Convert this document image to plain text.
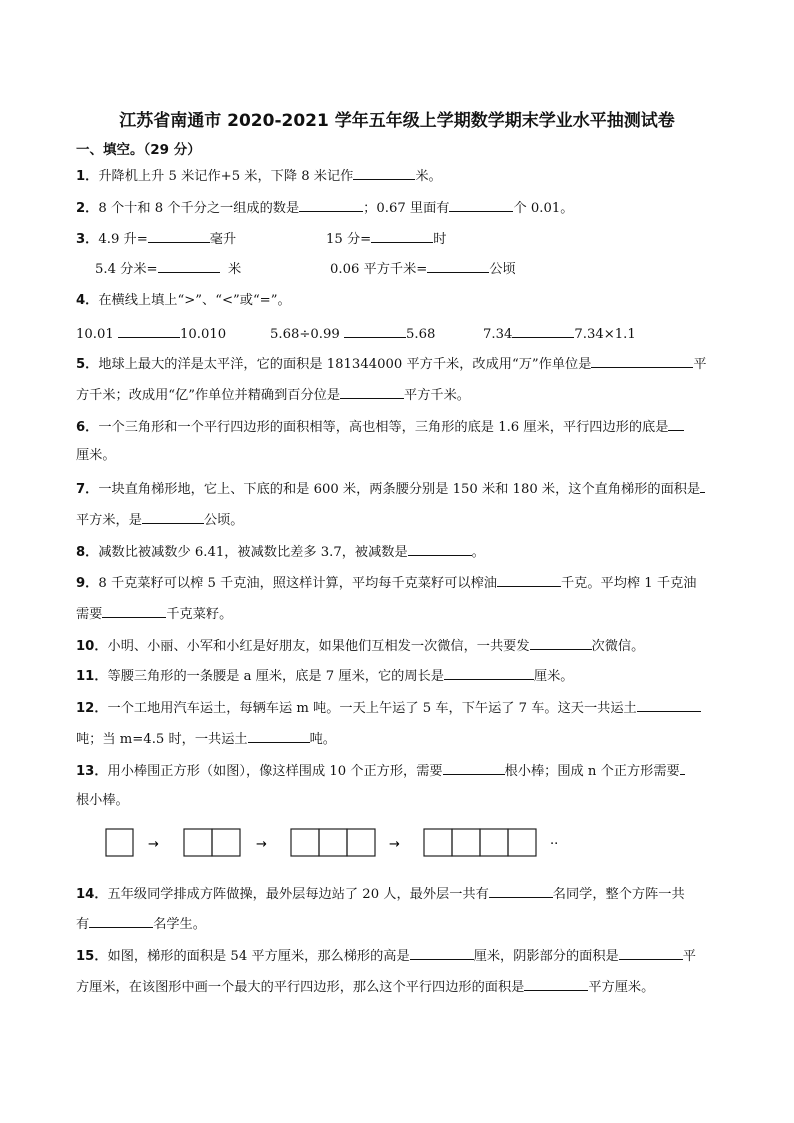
江苏省南通市 2020-2021 学年五年级上学期数学期末学业水平抽测试卷
一、填空。（29 分）
1．升降机上升 5 米记作+5 米，下降 8 米记作	米。
2．8 个十和 8 个千分之一组成的数是	；0.67 里面有	个 0.01。
3．4.9 升=	毫升	15 分=	时
5.4 分米=	米	0.06 平方千米=	公顷
4．在横线上填上“>”、“<”或“=”。
10.01	10.010	5.68÷0.99	5.68	7.34	7.34×1.1
5．地球上最大的洋是太平洋，它的面积是 181344000 平方千米，改成用“万”作单位是	平
方千米；改成用“亿”作单位并精确到百分位是	平方千米。
6．一个三角形和一个平行四边形的面积相等，高也相等，三角形的底是 1.6 厘米，平行四边形的底是
厘米。
7．一块直角梯形地，它上、下底的和是 600 米，两条腰分别是 150 米和 180 米，这个直角梯形的面积是
平方米，是	公顷。
8．减数比被减数少 6.41，被减数比差多 3.7，被减数是	。
9．8 千克菜籽可以榨 5 千克油，照这样计算，平均每千克菜籽可以榨油	千克。平均榨 1 千克油
需要	千克菜籽。
10．小明、小丽、小军和小红是好朋友，如果他们互相发一次微信，一共要发	次微信。
11．等腰三角形的一条腰是 a 厘米，底是 7 厘米，它的周长是	厘米。
12．一个工地用汽车运土，每辆车运 m 吨。一天上午运了 5 车，下午运了 7 车。这天一共运土
吨；当 m=4.5 时，一共运土	吨。
13．用小棒围正方形（如图），像这样围成 10 个正方形，需要	根小棒；围成 n 个正方形需要
根小棒。
→	→	→	··
14．五年级同学排成方阵做操，最外层每边站了 20 人，最外层一共有	名同学，整个方阵一共
有	名学生。
15．如图，梯形的面积是 54 平方厘米，那么梯形的高是	厘米，阴影部分的面积是	平
方厘米，在该图形中画一个最大的平行四边形，那么这个平行四边形的面积是	平方厘米。
